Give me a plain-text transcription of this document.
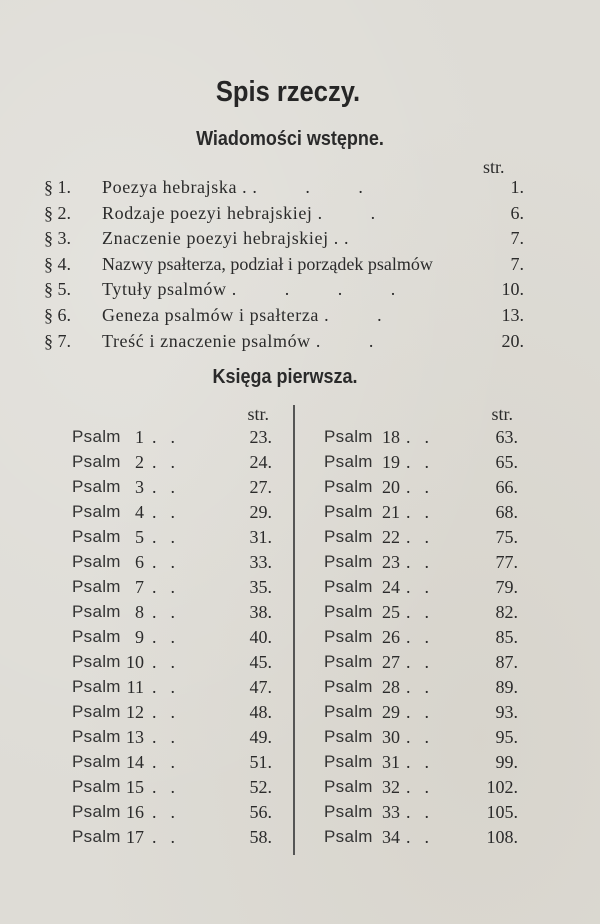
Spis rzeczy.
Wiadomości wstępne.
str.
§ 1.	Poezya hebrajska . . . .	1.
§ 2.	Rodzaje poezyi hebrajskiej . .	6.
§ 3.	Znaczenie poezyi hebrajskiej . .	7.
§ 4.	Nazwy psałterza, podział i porządek psalmów	7.
§ 5.	Tytuły psalmów . . . .	10.
§ 6.	Geneza psalmów i psałterza . .	13.
§ 7.	Treść i znaczenie psalmów . .	20.
Księga pierwsza.
str.
Psalm 1 ..	23.
Psalm 2 ..	24.
Psalm 3 ..	27.
Psalm 4 ..	29.
Psalm 5 ..	31.
Psalm 6 ..	33.
Psalm 7 ..	35.
Psalm 8 ..	38.
Psalm 9 ..	40.
Psalm 10 ..	45.
Psalm 11 ..	47.
Psalm 12 ..	48.
Psalm 13 ..	49.
Psalm 14 ..	51.
Psalm 15 ..	52.
Psalm 16 ..	56.
Psalm 17 ..	58.
str.
Psalm 18 ..	63.
Psalm 19 ..	65.
Psalm 20 ..	66.
Psalm 21 ..	68.
Psalm 22 ..	75.
Psalm 23 ..	77.
Psalm 24 ..	79.
Psalm 25 ..	82.
Psalm 26 ..	85.
Psalm 27 ..	87.
Psalm 28 ..	89.
Psalm 29 ..	93.
Psalm 30 ..	95.
Psalm 31 ..	99.
Psalm 32 .. 102.
Psalm 33 .. 105.
Psalm 34 .. 108.
